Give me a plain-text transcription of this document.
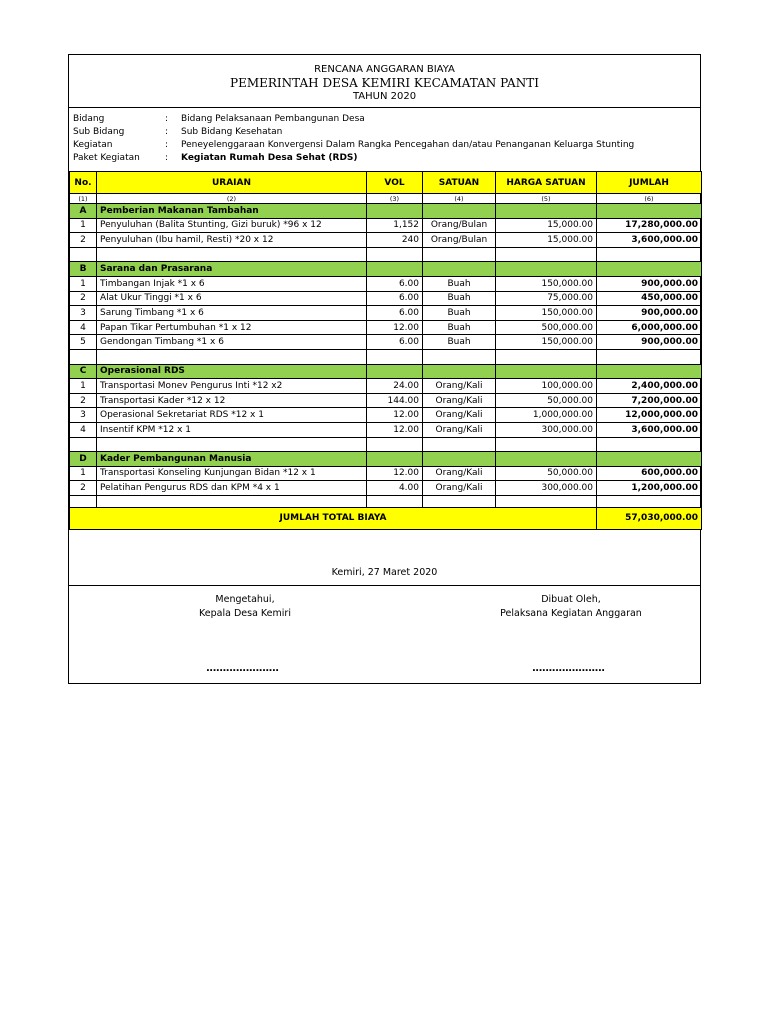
RENCANA ANGGARAN BIAYA
PEMERINTAH DESA KEMIRI KECAMATAN PANTI
TAHUN 2020
Bidang	: Bidang Pelaksanaan Pembangunan Desa
Sub Bidang	: Sub Bidang Kesehatan
Kegiatan	: Peneyelenggaraan Konvergensi Dalam Rangka Pencegahan dan/atau Penanganan Keluarga Stunting
Paket Kegiatan	: Kegiatan Rumah Desa Sehat (RDS)
No.	URAIAN	VOL	SATUAN	HARGA SATUAN	JUMLAH
(1)	(2)	(3)	(4)	(5)	(6)
A	Pemberian Makanan Tambahan				
1	Penyuluhan (Balita Stunting, Gizi buruk) *96 x 12	1,152	Orang/Bulan	15,000.00	17,280,000.00
2	Penyuluhan (Ibu hamil, Resti) *20 x 12	240	Orang/Bulan	15,000.00	3,600,000.00

B	Sarana dan Prasarana				
1	Timbangan Injak *1 x 6	6.00	Buah	150,000.00	900,000.00
2	Alat Ukur Tinggi *1 x 6	6.00	Buah	75,000.00	450,000.00
3	Sarung Timbang *1 x 6	6.00	Buah	150,000.00	900,000.00
4	Papan Tikar Pertumbuhan *1 x 12	12.00	Buah	500,000.00	6,000,000.00
5	Gendongan Timbang *1 x 6	6.00	Buah	150,000.00	900,000.00

C	Operasional RDS				
1	Transportasi Monev Pengurus Inti *12 x2	24.00	Orang/Kali	100,000.00	2,400,000.00
2	Transportasi Kader *12 x 12	144.00	Orang/Kali	50,000.00	7,200,000.00
3	Operasional Sekretariat RDS *12 x 1	12.00	Orang/Kali	1,000,000.00	12,000,000.00
4	Insentif KPM *12 x 1	12.00	Orang/Kali	300,000.00	3,600,000.00

D	Kader Pembangunan Manusia				
1	Transportasi Konseling Kunjungan Bidan *12 x 1	12.00	Orang/Kali	50,000.00	600,000.00
2	Pelatihan Pengurus RDS dan KPM *4 x 1	4.00	Orang/Kali	300,000.00	1,200,000.00

JUMLAH TOTAL BIAYA					57,030,000.00
Kemiri, 27 Maret 2020
Mengetahui,
Kepala Desa Kemiri
Dibuat Oleh,
Pelaksana Kegiatan Anggaran
......................	......................
